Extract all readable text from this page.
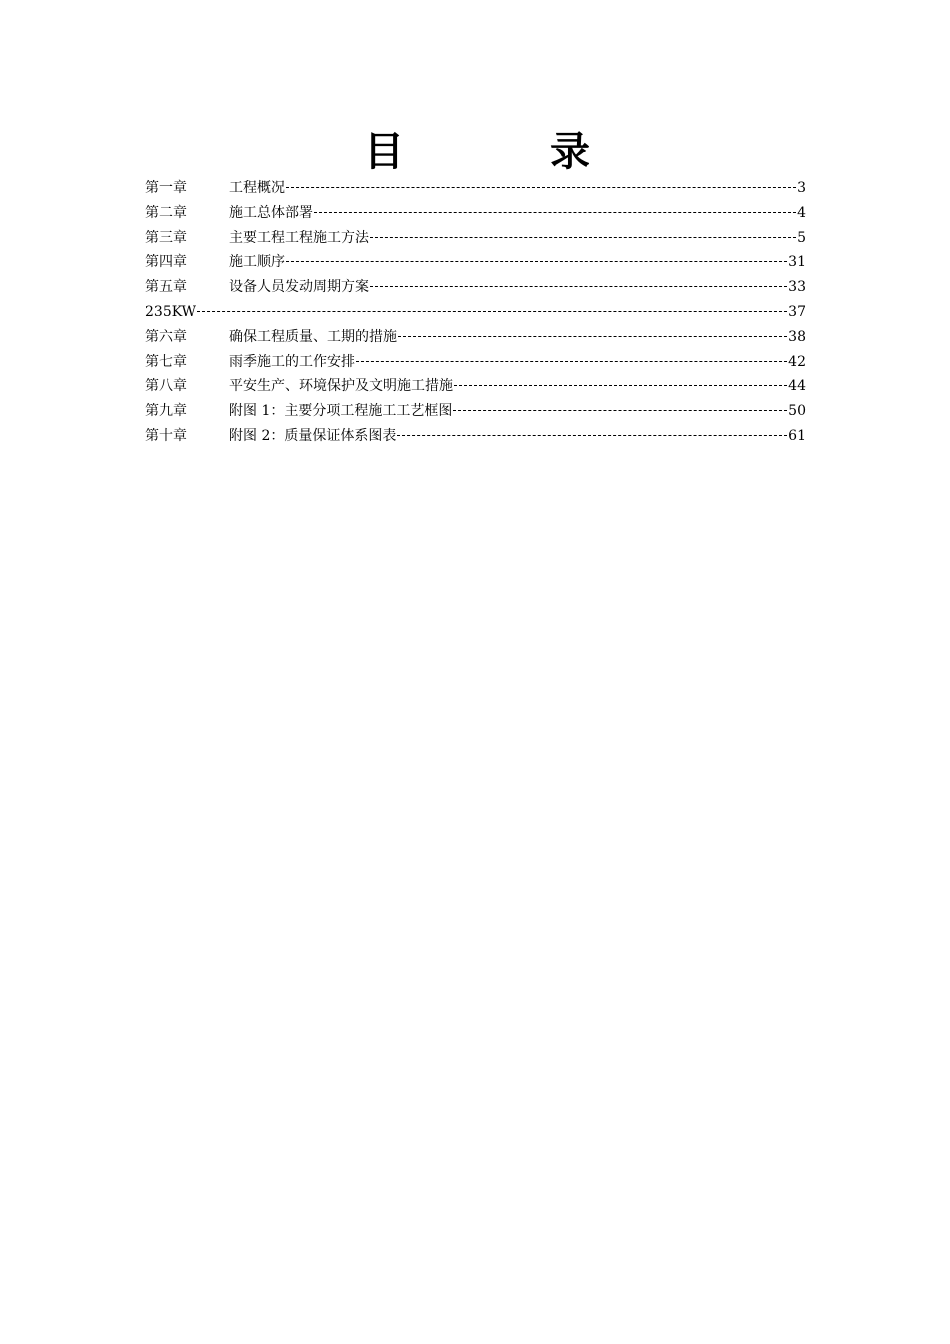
目	录
第一章	工程概况	3
第二章	施工总体部署	4
第三章	主要工程工程施工方法	5
第四章	施工顺序	31
第五章	设备人员发动周期方案	33
235KW	37
第六章	确保工程质量、工期的措施	38
第七章	雨季施工的工作安排	42
第八章	平安生产、环境保护及文明施工措施	44
第九章	附图 1：主要分项工程施工工艺框图	50
第十章	附图 2：质量保证体系图表	61
